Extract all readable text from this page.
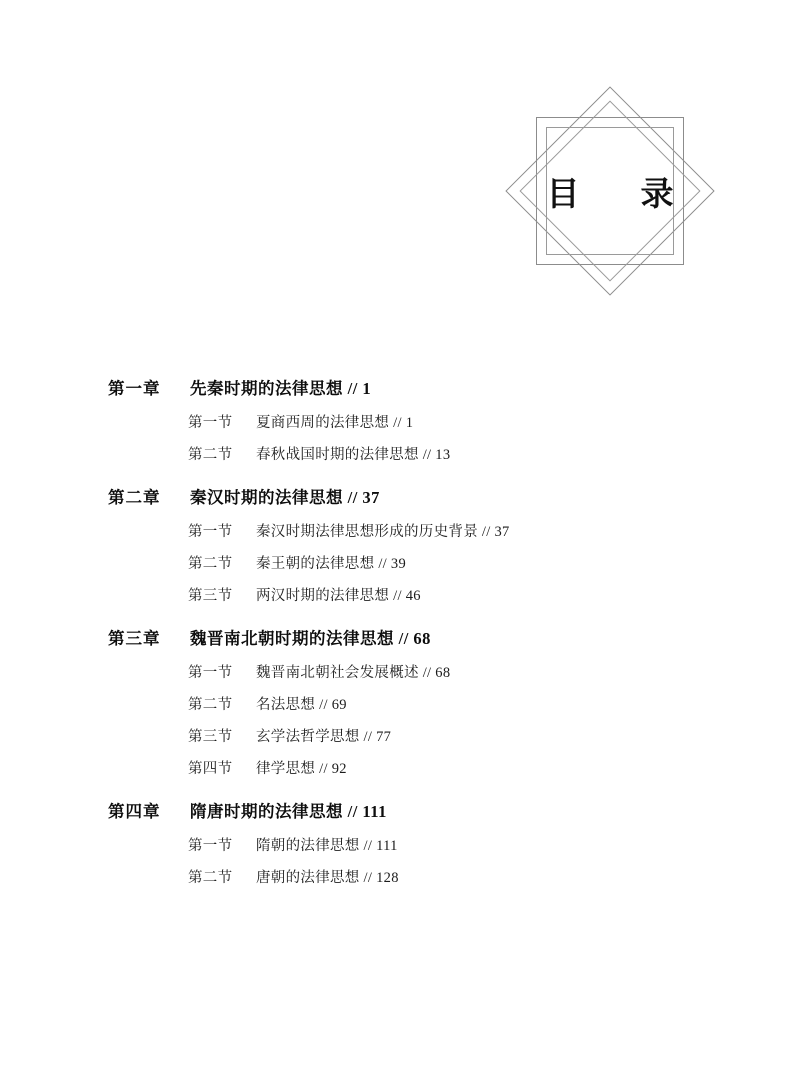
目　录
第一章	先秦时期的法律思想 // 1
第一节	夏商西周的法律思想 // 1
第二节	春秋战国时期的法律思想 // 13
第二章	秦汉时期的法律思想 // 37
第一节	秦汉时期法律思想形成的历史背景 // 37
第二节	秦王朝的法律思想 // 39
第三节	两汉时期的法律思想 // 46
第三章	魏晋南北朝时期的法律思想 // 68
第一节	魏晋南北朝社会发展概述 // 68
第二节	名法思想 // 69
第三节	玄学法哲学思想 // 77
第四节	律学思想 // 92
第四章	隋唐时期的法律思想 // 111
第一节	隋朝的法律思想 // 111
第二节	唐朝的法律思想 // 128
